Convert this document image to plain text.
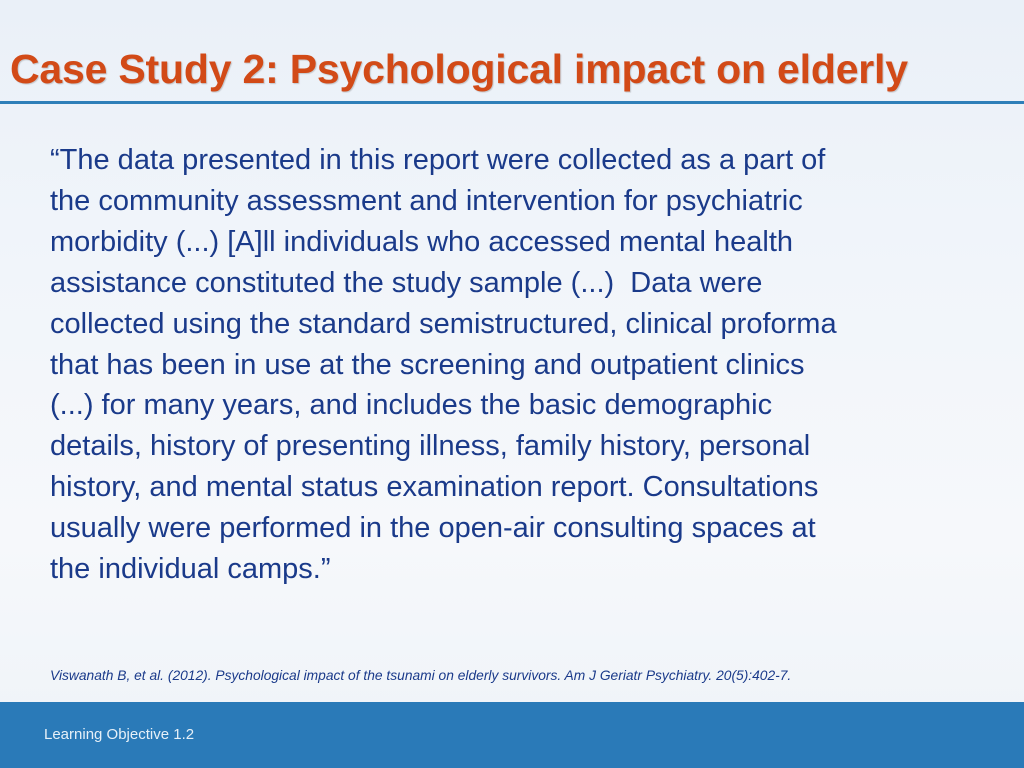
Case Study 2: Psychological impact on elderly
“The data presented in this report were collected as a part of
the community assessment and intervention for psychiatric
morbidity (...) [A]ll individuals who accessed mental health
assistance constituted the study sample (...)  Data were
collected using the standard semistructured, clinical proforma
that has been in use at the screening and outpatient clinics
(...) for many years, and includes the basic demographic
details, history of presenting illness, family history, personal
history, and mental status examination report. Consultations
usually were performed in the open-air consulting spaces at
the individual camps.”

Viswanath B, et al. (2012). Psychological impact of the tsunami on elderly survivors. Am J Geriatr Psychiatry. 20(5):402-7.

Learning Objective 1.2
